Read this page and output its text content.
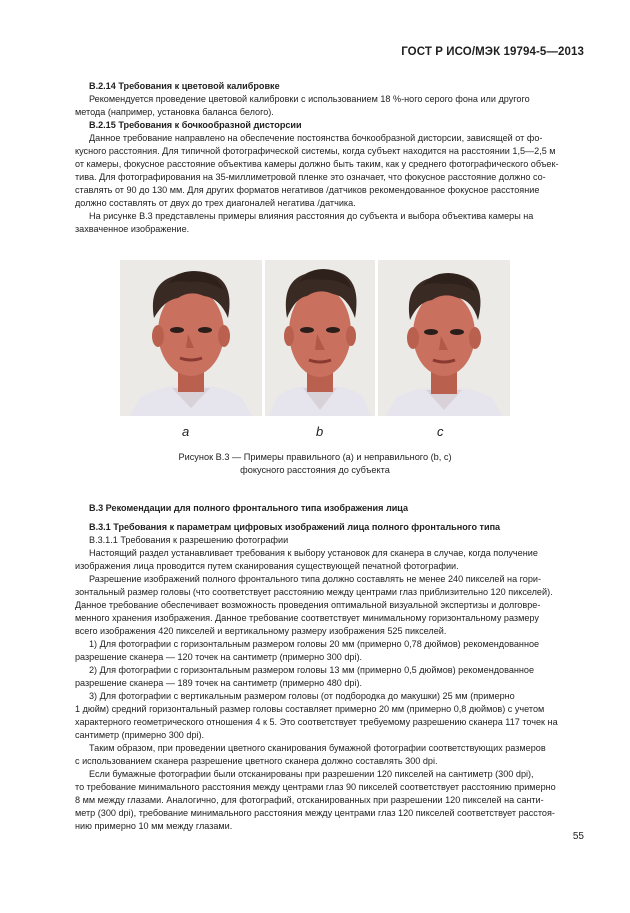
ГОСТ Р ИСО/МЭК 19794-5—2013
B.2.14 Требования к цветовой калибровке
Рекомендуется проведение цветовой калибровки с использованием 18 %-ного серого фона или другого
метода (например, установка баланса белого).
B.2.15 Требования к бочкообразной дисторсии
Данное требование направлено на обеспечение постоянства бочкообразной дисторсии, зависящей от фо-
кусного расстояния. Для типичной фотографической системы, когда субъект находится на расстоянии 1,5—2,5 м
от камеры, фокусное расстояние объектива камеры должно быть таким, как у среднего фотографического объек-
тива. Для фотографирования на 35-миллиметровой пленке это означает, что фокусное расстояние должно со-
ставлять от 90 до 130 мм. Для других форматов негативов /датчиков рекомендованное фокусное расстояние
должно составлять от двух до трех диагоналей негатива /датчика.
На рисунке B.3 представлены примеры влияния расстояния до субъекта и выбора объектива камеры на
захваченное изображение.
a	b	c
Рисунок B.3 — Примеры правильного (a) и неправильного (b, c)
фокусного расстояния до субъекта
B.3 Рекомендации для полного фронтального типа изображения лица
B.3.1 Требования к параметрам цифровых изображений лица полного фронтального типа
B.3.1.1 Требования к разрешению фотографии
Настоящий раздел устанавливает требования к выбору установок для сканера в случае, когда получение
изображения лица проводится путем сканирования существующей печатной фотографии.
Разрешение изображений полного фронтального типа должно составлять не менее 240 пикселей на гори-
зонтальный размер головы (что соответствует расстоянию между центрами глаз приблизительно 120 пикселей).
Данное требование обеспечивает возможность проведения оптимальной визуальной экспертизы и долговре-
менного хранения изображения. Данное требование соответствует минимальному горизонтальному размеру
всего изображения 420 пикселей и вертикальному размеру изображения 525 пикселей.
1) Для фотографии с горизонтальным размером головы 20 мм (примерно 0,78 дюймов) рекомендованное
разрешение сканера — 120 точек на сантиметр (примерно 300 dpi).
2) Для фотографии с горизонтальным размером головы 13 мм (примерно 0,5 дюймов) рекомендованное
разрешение сканера — 189 точек на сантиметр (примерно 480 dpi).
3) Для фотографии с вертикальным размером головы (от подбородка до макушки) 25 мм (примерно
1 дюйм) средний горизонтальный размер головы составляет примерно 20 мм (примерно 0,8 дюймов) с учетом
характерного геометрического отношения 4 к 5. Это соответствует требуемому разрешению сканера 117 точек на
сантиметр (примерно 300 dpi).
Таким образом, при проведении цветного сканирования бумажной фотографии соответствующих размеров
с использованием сканера разрешение цветного сканера должно составлять 300 dpi.
Если бумажные фотографии были отсканированы при разрешении 120 пикселей на сантиметр (300 dpi),
то требование минимального расстояния между центрами глаз 90 пикселей соответствует расстоянию примерно
8 мм между глазами. Аналогично, для фотографий, отсканированных при разрешении 120 пикселей на санти-
метр (300 dpi), требование минимального расстояния между центрами глаз 120 пикселей соответствует расстоя-
нию примерно 10 мм между глазами.
55
